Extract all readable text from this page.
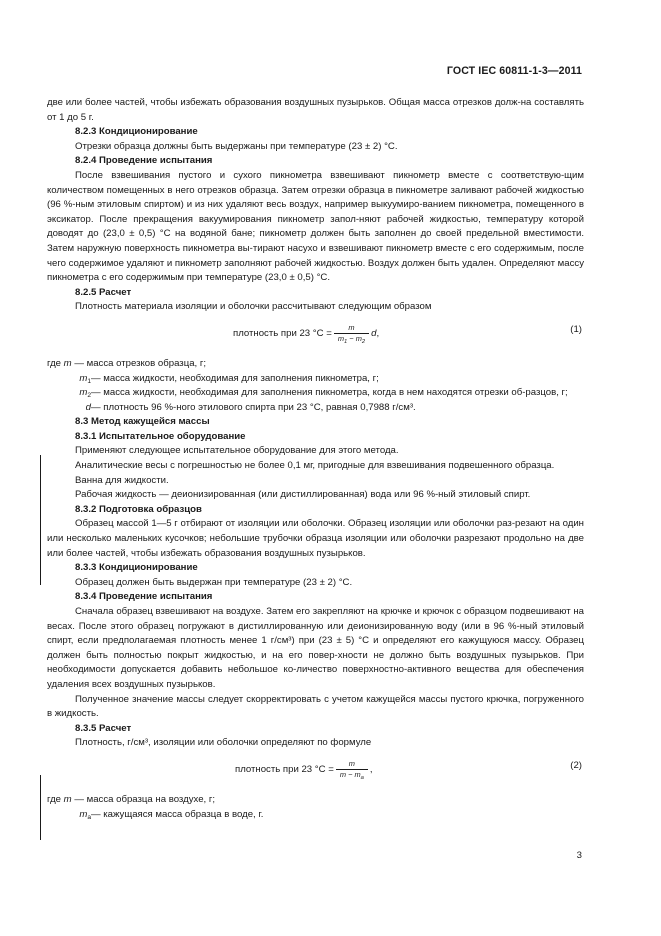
ГОСТ IEC 60811-1-3—2011

две или более частей, чтобы избежать образования воздушных пузырьков. Общая масса отрезков долж-на составлять от 1 до 5 г.

8.2.3 Кондиционирование

Отрезки образца должны быть выдержаны при температуре (23 ± 2) °С.

8.2.4 Проведение испытания

После взвешивания пустого и сухого пикнометра взвешивают пикнометр вместе с соответствую-щим количеством помещенных в него отрезков образца. Затем отрезки образца в пикнометре заливают рабочей жидкостью (96 %-ным этиловым спиртом) и из них удаляют весь воздух, например выкуумиро-ванием пикнометра, помещенного в эксикатор. После прекращения вакуумирования пикнометр запол-няют рабочей жидкостью, температуру которой доводят до (23,0 ± 0,5) °С на водяной бане; пикнометр должен быть заполнен до своей предельной вместимости. Затем наружную поверхность пикнометра вы-тирают насухо и взвешивают пикнометр вместе с его содержимым, после чего содержимое удаляют и пикнометр заполняют рабочей жидкостью. Воздух должен быть удален. Определяют массу пикнометра с его содержимым при температуре (23,0 ± 0,5) °С.

8.2.5 Расчет

Плотность материала изоляции и оболочки рассчитывают следующим образом

плотность при 23 $^\circ С = \frac{m}{m_1 - m_2} d$,	(1)

где m — масса отрезков образца, г;

$m_1$ — масса жидкости, необходимая для заполнения пикнометра, г;

$m_2$ — масса жидкости, необходимая для заполнения пикнометра, когда в нем находятся отрезки об-разцов, г;

d — плотность 96 %-ного этилового спирта при 23 °С, равная 0,7988 г/см³.

8.3 Метод кажущейся массы

8.3.1 Испытательное оборудование

Применяют следующее испытательное оборудование для этого метода.

Аналитические весы с погрешностью не более 0,1 мг, пригодные для взвешивания подвешенного образца.

Ванна для жидкости.

Рабочая жидкость — деионизированная (или дистиллированная) вода или 96 %-ный этиловый спирт.

8.3.2 Подготовка образцов

Образец массой 1—5 г отбирают от изоляции или оболочки. Образец изоляции или оболочки раз-резают на один или несколько маленьких кусочков; небольшие трубочки образца изоляции или оболочки разрезают продольно на две или более частей, чтобы избежать образования воздушных пузырьков.

8.3.3 Кондиционирование

Образец должен быть выдержан при температуре (23 ± 2) °С.

8.3.4 Проведение испытания

Сначала образец взвешивают на воздухе. Затем его закрепляют на крючке и крючок с образцом подвешивают на весах. После этого образец погружают в дистиллированную или деионизированную воду (или в 96 %-ный этиловый спирт, если предполагаемая плотность менее 1 г/см³) при (23 ± 5) °С и определяют его кажущуюся массу. Образец должен быть полностью покрыт жидкостью, и на его повер-хности не должно быть воздушных пузырьков. При необходимости допускается добавить небольшое ко-личество поверхностно-активного вещества для обеспечения удаления всех воздушных пузырьков.

Полученное значение массы следует скорректировать с учетом кажущейся массы пустого крючка, погруженного в жидкость.

8.3.5 Расчет

Плотность, г/см³, изоляции или оболочки определяют по формуле

плотность при 23 $^\circ С = \frac{m}{m - m_a}$ ,	(2)

где m — масса образца на воздухе, г;

$m_a$ — кажущаяся масса образца в воде, г.

3
